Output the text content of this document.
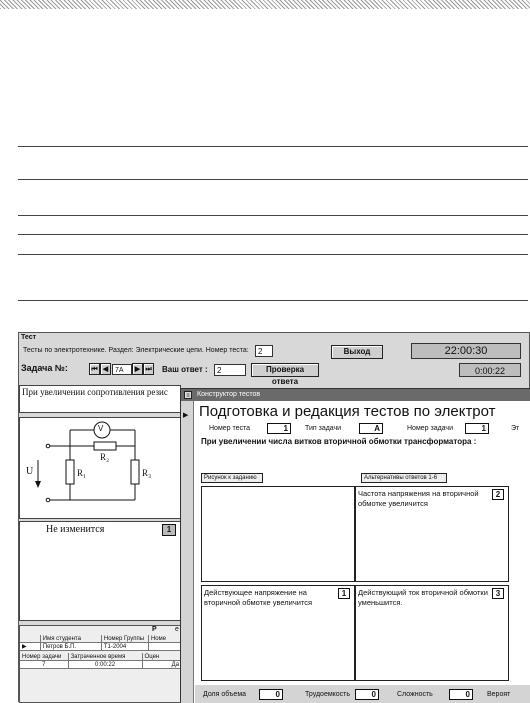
Тест
Тесты по электротехнике. Раздел: Электрические цепи. Номер теста:	2	Выход	22:00:30
Задача №:	⏮ ◀ 7А	▶ ⏭ Ваш ответ :	2	Проверка ответа
0:00:22
При увеличении сопротивления резис
V
R₂
R₁	R₃
U
Не изменится	1
Р	е
Имя студента	Номер Группы	Номе
▶	Петров Б.П.	Т1-2004
Номер задачи	Затраченное время	Оцен
7	0:00:22	Да
≡	Конструктор тестов
▶ Подготовка и редакция тестов по электрот
Номер теста	1	Тип задачи	А	Номер задачи	1	Эт
При увеличении числа витков вторичной обмотки трансформатора :
Рисунок к заданию	Альтернативы ответов 1-6
Частота напряжения на вторичной обмотке увеличится
2
Действующее напряжение на вторичной обмотке увеличится
1	Действующий ток вторичной обмотки уменьшится.
3
Доля объема	0	Трудоемкость	0	Сложность	0	Вероят
